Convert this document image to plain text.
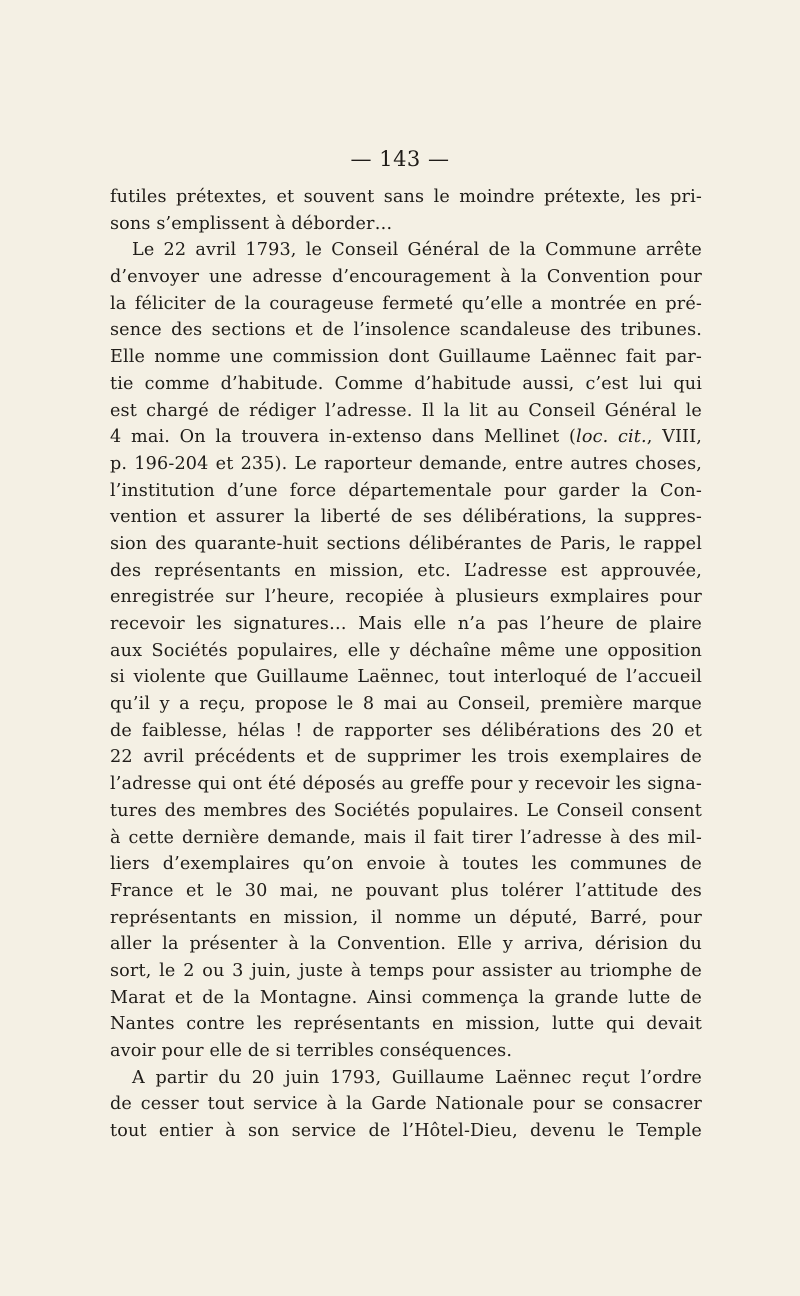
— 143 —
futiles prétextes, et souvent sans le moindre prétexte, les pri-
sons s’emplissent à déborder…
Le 22 avril 1793, le Conseil Général de la Commune arrête
d’envoyer une adresse d’encouragement à la Convention pour
la féliciter de la courageuse fermeté qu’elle a montrée en pré-
sence des sections et de l’insolence scandaleuse des tribunes.
Elle nomme une commission dont Guillaume Laënnec fait par-
tie comme d’habitude. Comme d’habitude aussi, c’est lui qui
est chargé de rédiger l’adresse. Il la lit au Conseil Général le
4 mai. On la trouvera in-extenso dans Mellinet (loc. cit., VIII,
p. 196-204 et 235). Le raporteur demande, entre autres choses,
l’institution d’une force départementale pour garder la Con-
vention et assurer la liberté de ses délibérations, la suppres-
sion des quarante-huit sections délibérantes de Paris, le rappel
des représentants en mission, etc. L’adresse est approuvée,
enregistrée sur l’heure, recopiée à plusieurs exmplaires pour
recevoir les signatures… Mais elle n’a pas l’heure de plaire
aux Sociétés populaires, elle y déchaîne même une opposition
si violente que Guillaume Laënnec, tout interloqué de l’accueil
qu’il y a reçu, propose le 8 mai au Conseil, première marque
de faiblesse, hélas ! de rapporter ses délibérations des 20 et
22 avril précédents et de supprimer les trois exemplaires de
l’adresse qui ont été déposés au greffe pour y recevoir les signa-
tures des membres des Sociétés populaires. Le Conseil consent
à cette dernière demande, mais il fait tirer l’adresse à des mil-
liers d’exemplaires qu’on envoie à toutes les communes de
France et le 30 mai, ne pouvant plus tolérer l’attitude des
représentants en mission, il nomme un député, Barré, pour
aller la présenter à la Convention. Elle y arriva, dérision du
sort, le 2 ou 3 juin, juste à temps pour assister au triomphe de
Marat et de la Montagne. Ainsi commença la grande lutte de
Nantes contre les représentants en mission, lutte qui devait
avoir pour elle de si terribles conséquences.
A partir du 20 juin 1793, Guillaume Laënnec reçut l’ordre
de cesser tout service à la Garde Nationale pour se consacrer
tout entier à son service de l’Hôtel-Dieu, devenu le Temple
